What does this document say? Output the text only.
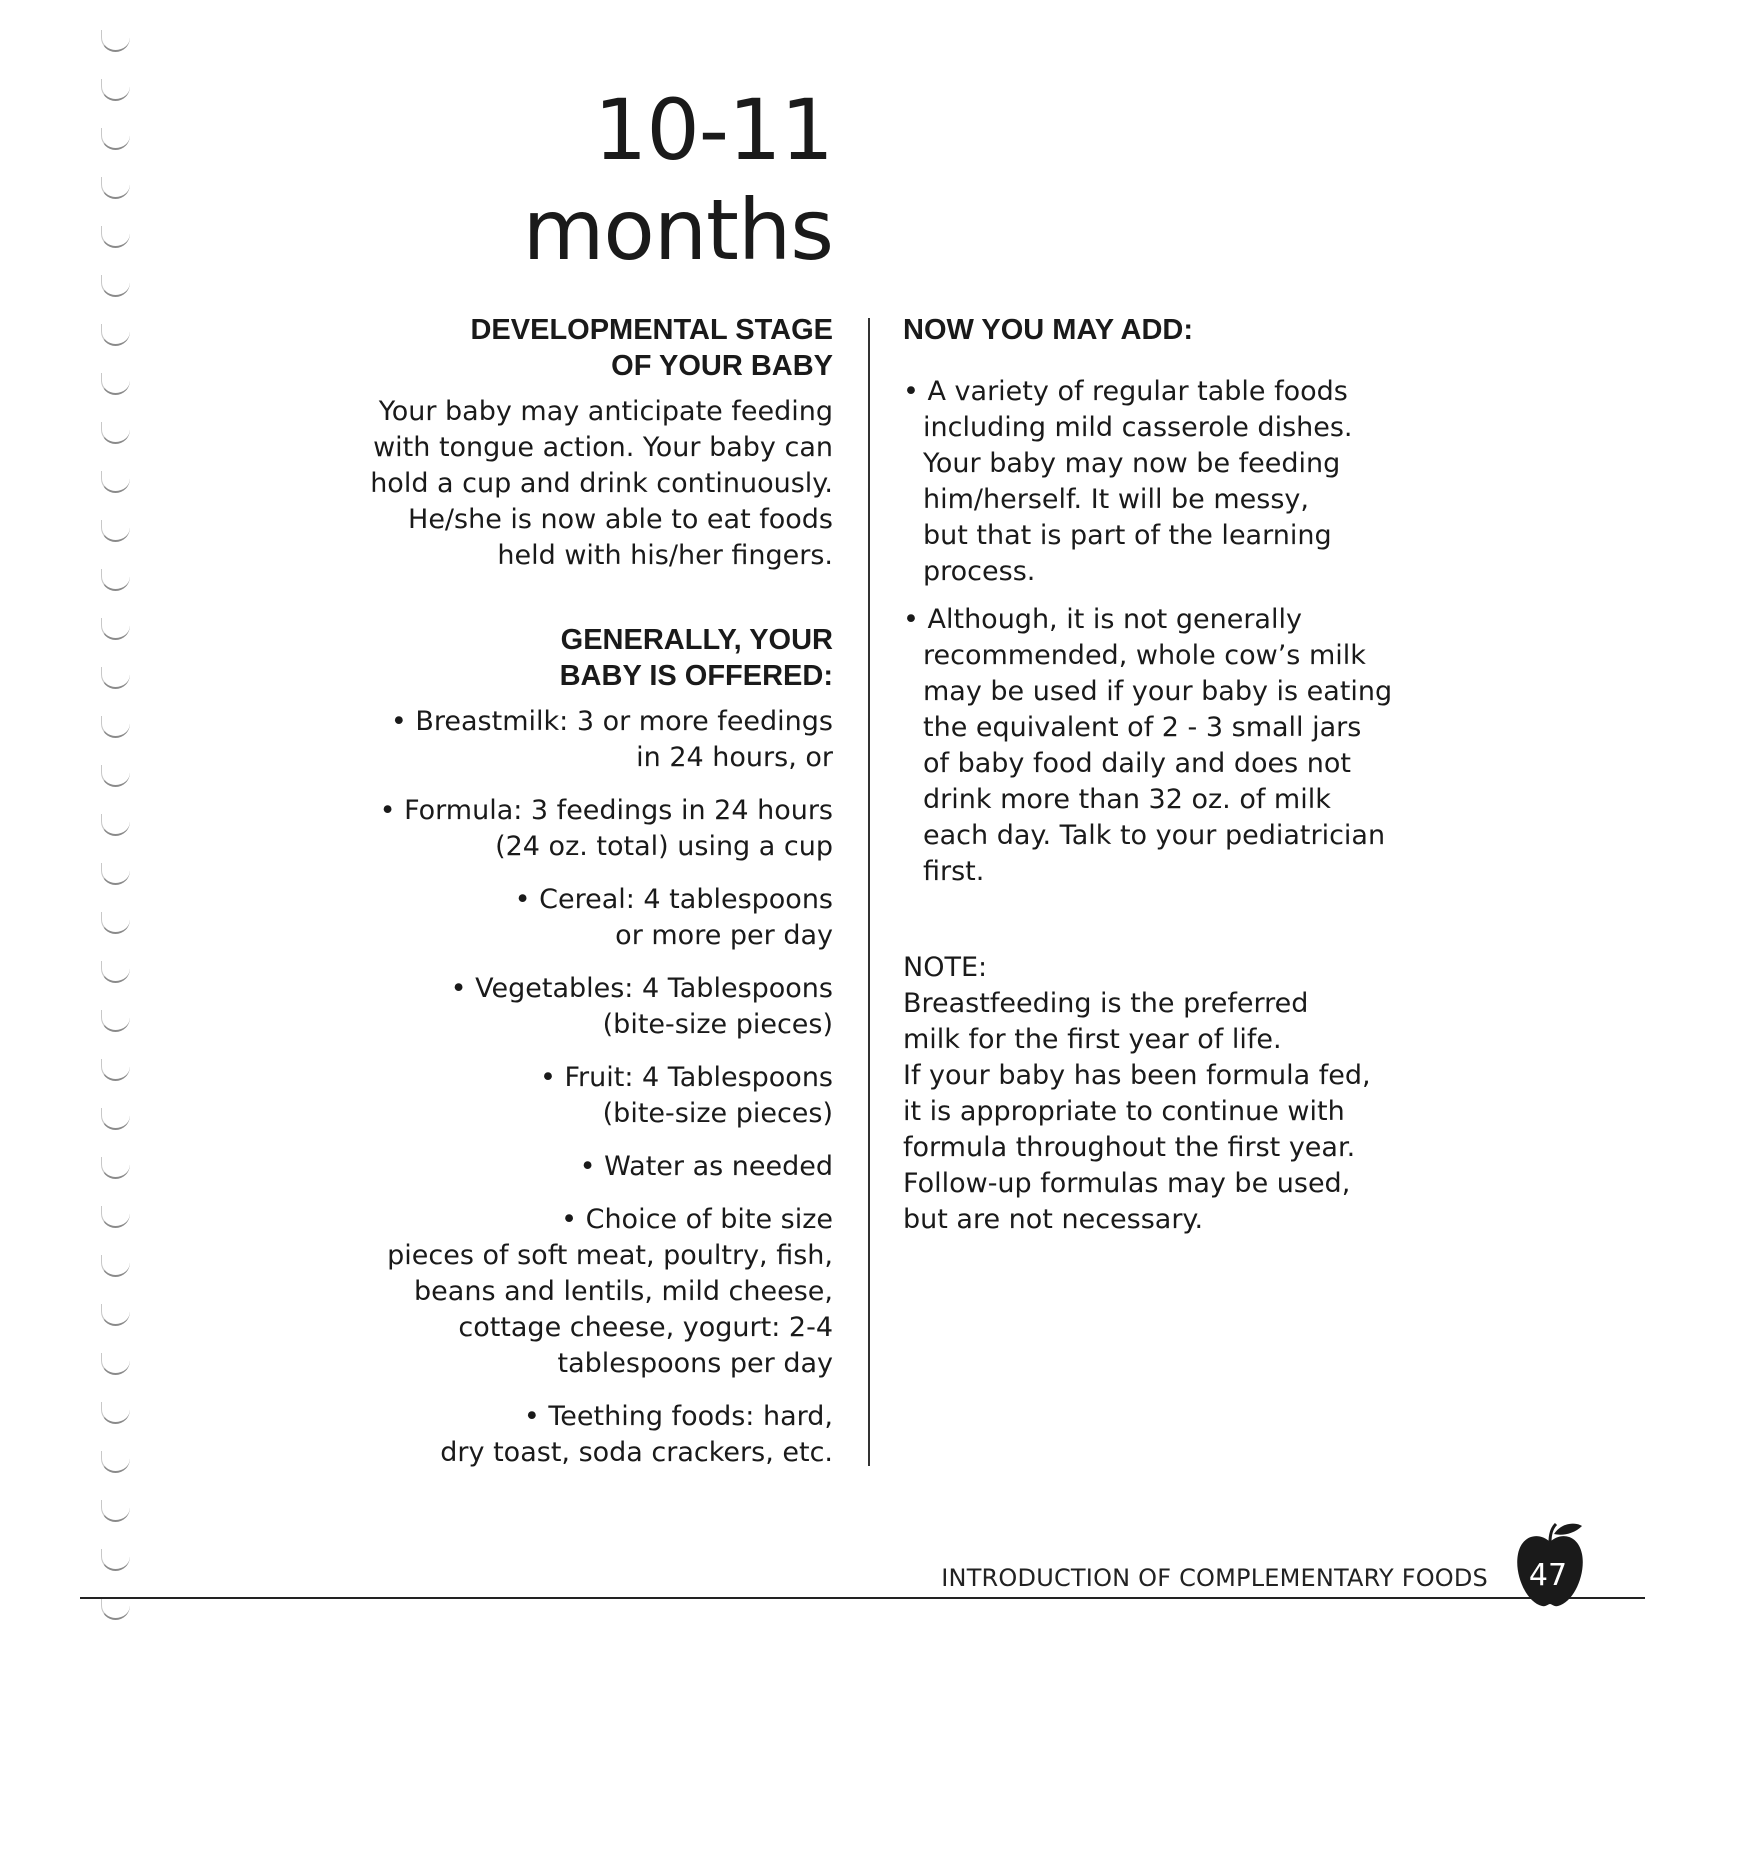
10-11
months

DEVELOPMENTAL STAGE
OF YOUR BABY

Your baby may anticipate feeding
with tongue action. Your baby can
hold a cup and drink continuously.
He/she is now able to eat foods
held with his/her fingers.

GENERALLY, YOUR
BABY IS OFFERED:

• Breastmilk: 3 or more feedings
in 24 hours, or

• Formula: 3 feedings in 24 hours
(24 oz. total) using a cup

• Cereal: 4 tablespoons
or more per day

• Vegetables: 4 Tablespoons
(bite-size pieces)

• Fruit: 4 Tablespoons
(bite-size pieces)

• Water as needed

• Choice of bite size
pieces of soft meat, poultry, fish,
beans and lentils, mild cheese,
cottage cheese, yogurt: 2-4
tablespoons per day

• Teething foods: hard,
dry toast, soda crackers, etc.

NOW YOU MAY ADD:

• A variety of regular table foods
including mild casserole dishes.
Your baby may now be feeding
him/herself. It will be messy,
but that is part of the learning
process.

• Although, it is not generally
recommended, whole cow’s milk
may be used if your baby is eating
the equivalent of 2 - 3 small jars
of baby food daily and does not
drink more than 32 oz. of milk
each day. Talk to your pediatrician
first.

NOTE:

Breastfeeding is the preferred
milk for the first year of life.
If your baby has been formula fed,
it is appropriate to continue with
formula throughout the first year.
Follow-up formulas may be used,
but are not necessary.

INTRODUCTION OF COMPLEMENTARY FOODS 47
